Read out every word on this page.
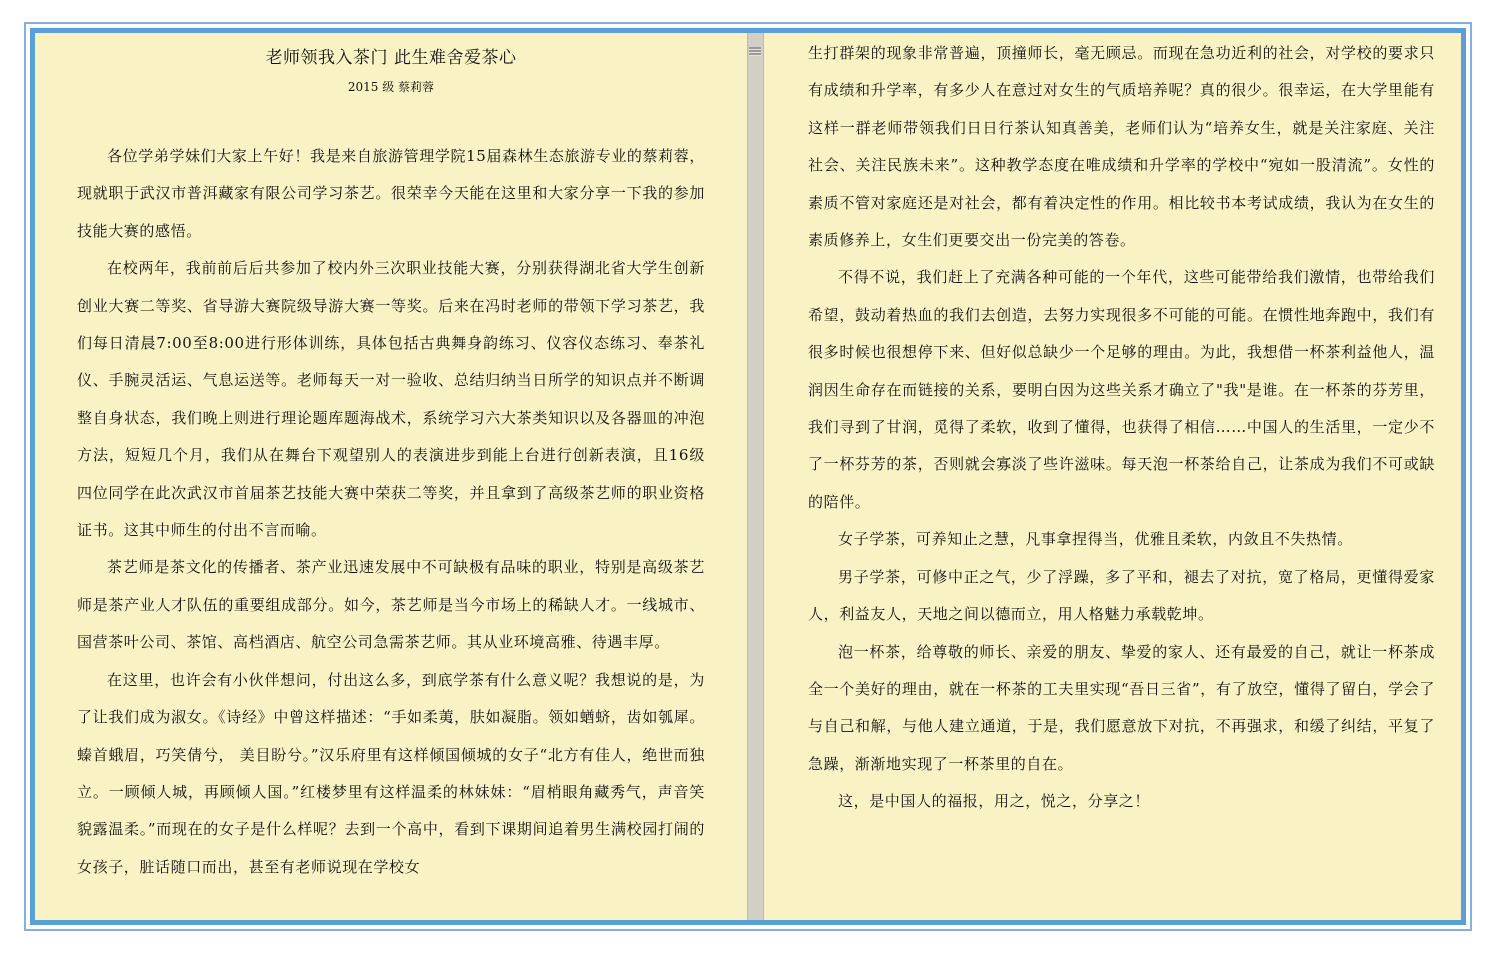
老师领我入茶门 此生难舍爱茶心
2015 级 蔡莉蓉

各位学弟学妹们大家上午好！我是来自旅游管理学院15届森林生态旅游专业的蔡莉蓉，现就职于武汉市普洱藏家有限公司学习茶艺。很荣幸今天能在这里和大家分享一下我的参加技能大赛的感悟。

在校两年，我前前后后共参加了校内外三次职业技能大赛，分别获得湖北省大学生创新创业大赛二等奖、省导游大赛院级导游大赛一等奖。后来在冯时老师的带领下学习茶艺，我们每日清晨7:00至8:00进行形体训练，具体包括古典舞身韵练习、仪容仪态练习、奉茶礼仪、手腕灵活运、气息运送等。老师每天一对一验收、总结归纳当日所学的知识点并不断调整自身状态，我们晚上则进行理论题库题海战术，系统学习六大茶类知识以及各器皿的冲泡方法，短短几个月，我们从在舞台下观望别人的表演进步到能上台进行创新表演，且16级四位同学在此次武汉市首届茶艺技能大赛中荣获二等奖，并且拿到了高级茶艺师的职业资格证书。这其中师生的付出不言而喻。

茶艺师是茶文化的传播者、茶产业迅速发展中不可缺极有品味的职业，特别是高级茶艺师是茶产业人才队伍的重要组成部分。如今，茶艺师是当今市场上的稀缺人才。一线城市、国营茶叶公司、茶馆、高档酒店、航空公司急需茶艺师。其从业环境高雅、待遇丰厚。

在这里，也许会有小伙伴想问，付出这么多，到底学茶有什么意义呢？我想说的是，为了让我们成为淑女。《诗经》中曾这样描述：“手如柔荑，肤如凝脂。领如蝤蛴，齿如瓠犀。螓首蛾眉，巧笑倩兮， 美目盼兮。”汉乐府里有这样倾国倾城的女子“北方有佳人，绝世而独立。一顾倾人城，再顾倾人国。”红楼梦里有这样温柔的林妹妹：“眉梢眼角藏秀气，声音笑貌露温柔。”而现在的女子是什么样呢？去到一个高中，看到下课期间追着男生满校园打闹的女孩子，脏话随口而出，甚至有老师说现在学校女

生打群架的现象非常普遍，顶撞师长，毫无顾忌。而现在急功近利的社会，对学校的要求只有成绩和升学率，有多少人在意过对女生的气质培养呢？真的很少。很幸运，在大学里能有这样一群老师带领我们日日行茶认知真善美，老师们认为“培养女生，就是关注家庭、关注社会、关注民族未来”。这种教学态度在唯成绩和升学率的学校中“宛如一股清流”。女性的素质不管对家庭还是对社会，都有着决定性的作用。相比较书本考试成绩，我认为在女生的素质修养上，女生们更要交出一份完美的答卷。

不得不说，我们赶上了充满各种可能的一个年代，这些可能带给我们激情，也带给我们希望，鼓动着热血的我们去创造，去努力实现很多不可能的可能。在惯性地奔跑中，我们有很多时候也很想停下来、但好似总缺少一个足够的理由。为此，我想借一杯茶利益他人，温润因生命存在而链接的关系，要明白因为这些关系才确立了"我"是谁。在一杯茶的芬芳里，我们寻到了甘润，觅得了柔软，收到了懂得，也获得了相信……中国人的生活里，一定少不了一杯芬芳的茶，否则就会寡淡了些许滋味。每天泡一杯茶给自己，让茶成为我们不可或缺的陪伴。

女子学茶，可养知止之慧，凡事拿捏得当，优雅且柔软，内敛且不失热情。

男子学茶，可修中正之气，少了浮躁，多了平和，褪去了对抗，宽了格局，更懂得爱家人，利益友人，天地之间以德而立，用人格魅力承载乾坤。

泡一杯茶，给尊敬的师长、亲爱的朋友、挚爱的家人、还有最爱的自己，就让一杯茶成全一个美好的理由，就在一杯茶的工夫里实现“吾日三省”，有了放空，懂得了留白，学会了与自己和解，与他人建立通道，于是，我们愿意放下对抗，不再强求，和缓了纠结，平复了急躁，渐渐地实现了一杯茶里的自在。

这，是中国人的福报，用之，悦之，分享之！
